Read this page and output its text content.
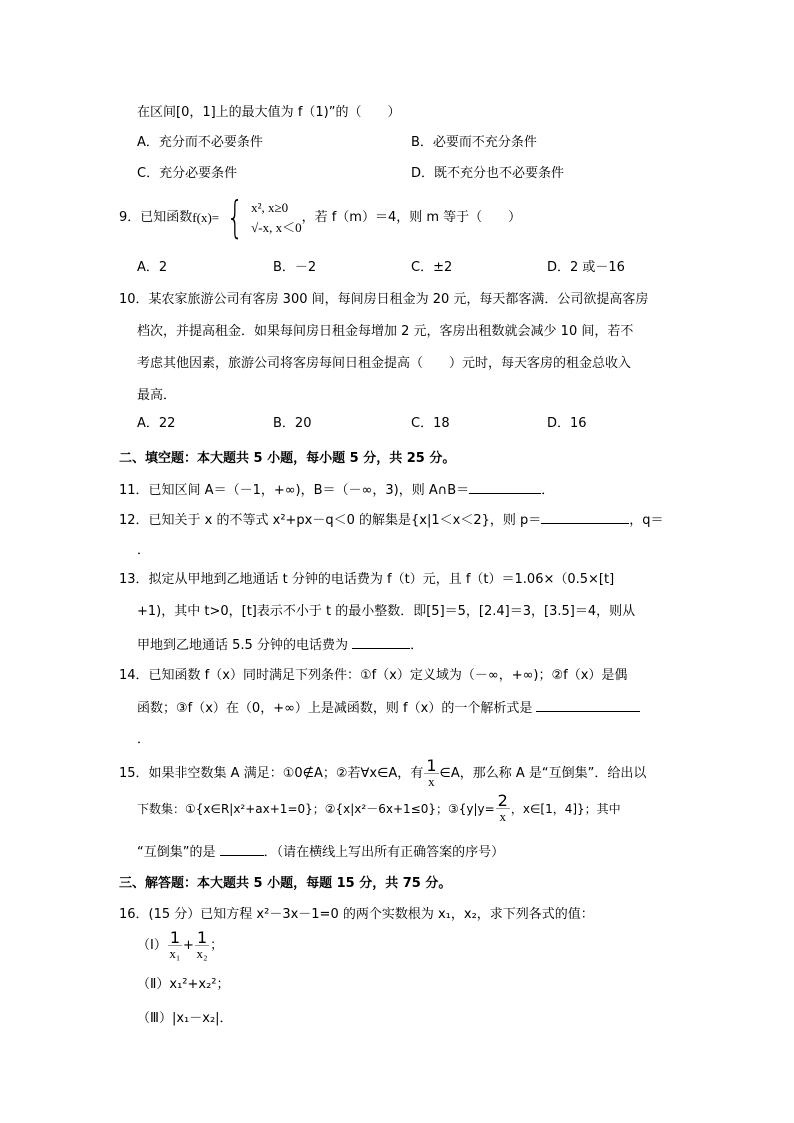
在区间[0，1]上的最大值为 f（1)”的（　　）
A．充分而不必要条件	B．必要而不充分条件
C．充分必要条件	D．既不充分也不必要条件
9．已知函数 f(x)= { x², x≥0
√-x, x＜0
，若 f（m）＝4，则 m 等于（　　）
A．2	B．－2	C．±2	D．2 或－16
10．某农家旅游公司有客房 300 间，每间房日租金为 20 元，每天都客满．公司欲提高客房
档次，并提高租金．如果每间房日租金每增加 2 元，客房出租数就会减少 10 间，若不
考虑其他因素，旅游公司将客房每间日租金提高（　　）元时，每天客房的租金总收入
最高．
A．22	B．20	C．18	D．16
二、填空题：本大题共 5 小题，每小题 5 分，共 25 分。
11．已知区间 A＝（－1，+∞)，B＝（－∞，3)，则 A∩B＝	．
12．已知关于 x 的不等式 x²+px－q＜0 的解集是{x|1＜x＜2}，则 p＝	，q＝
．
13．拟定从甲地到乙地通话 t 分钟的电话费为 f（t）元，且 f（t）＝1.06×（0.5×[t]
+1)，其中 t>0，[t]表示不小于 t 的最小整数．即[5]＝5，[2.4]＝3，[3.5]＝4，则从
甲地到乙地通话 5.5 分钟的电话费为	．
14．已知函数 f（x）同时满足下列条件：①f（x）定义域为（－∞，+∞)；②f（x）是偶
函数；③f（x）在（0，+∞）上是减函数，则 f（x）的一个解析式是
．
15．如果非空数集 A 满足：①0∉A；②若∀x∈A，有 $\frac{1}{x}$ ∈A，那么称 A 是“互倒集”．给出以
下数集：①{x∈R|x²+ax+1=0}；②{x|x²－6x+1≤0}；③{y|y= $\frac{2}{x}$ ，x∈[1，4]}；其中
“互倒集”的是	．（请在横线上写出所有正确答案的序号）
三、解答题：本大题共 5 小题，每题 15 分，共 75 分。
16．(15 分）已知方程 x²－3x－1=0 的两个实数根为 x₁，x₂，求下列各式的值：
（Ⅰ） $\frac{1}{\text{x₁}} + \frac{1}{\text{x₂}}$ ；
（Ⅱ）x₁²+x₂²；
（Ⅲ）|x₁－x₂|．
